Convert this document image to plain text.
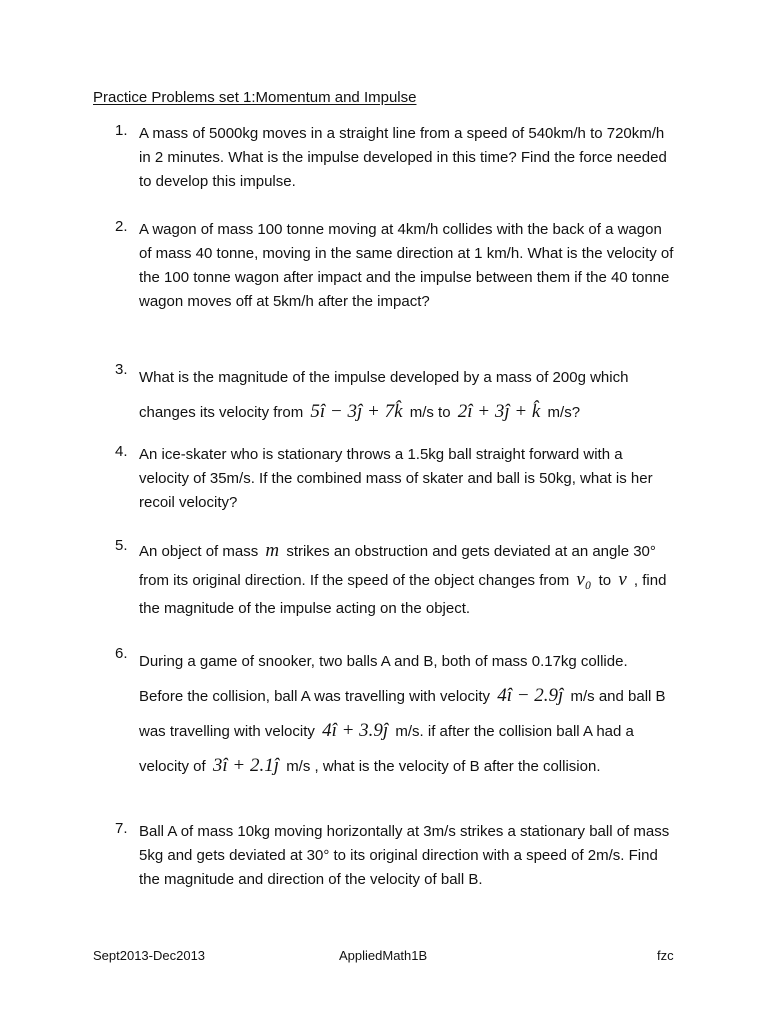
Practice Problems set 1:Momentum and Impulse
1. A mass of 5000kg moves in a straight line from a speed of 540km/h to 720km/h in 2 minutes. What is the impulse developed in this time? Find the force needed to develop this impulse.
2. A wagon of mass 100 tonne moving at 4km/h collides with the back of a wagon of mass 40 tonne, moving in the same direction at 1 km/h. What is the velocity of the 100 tonne wagon after impact and the impulse between them if the 40 tonne wagon moves off at 5km/h after the impact?
3. What is the magnitude of the impulse developed by a mass of 200g which changes its velocity from 5î − 3ĵ + 7k̂ m/s to 2î + 3ĵ + k̂ m/s?
4. An ice-skater who is stationary throws a 1.5kg ball straight forward with a velocity of 35m/s. If the combined mass of skater and ball is 50kg, what is her recoil velocity?
5. An object of mass m strikes an obstruction and gets deviated at an angle 30° from its original direction. If the speed of the object changes from v₀ to v , find the magnitude of the impulse acting on the object.
6. During a game of snooker, two balls A and B, both of mass 0.17kg collide. Before the collision, ball A was travelling with velocity 4î − 2.9ĵ m/s and ball B was travelling with velocity 4î + 3.9ĵ m/s. if after the collision ball A had a velocity of 3î + 2.1ĵ m/s , what is the velocity of B after the collision.
7. Ball A of mass 10kg moving horizontally at 3m/s strikes a stationary ball of mass 5kg and gets deviated at 30° to its original direction with a speed of 2m/s. Find the magnitude and direction of the velocity of ball B.
Sept2013-Dec2013	AppliedMath1B	fzc
